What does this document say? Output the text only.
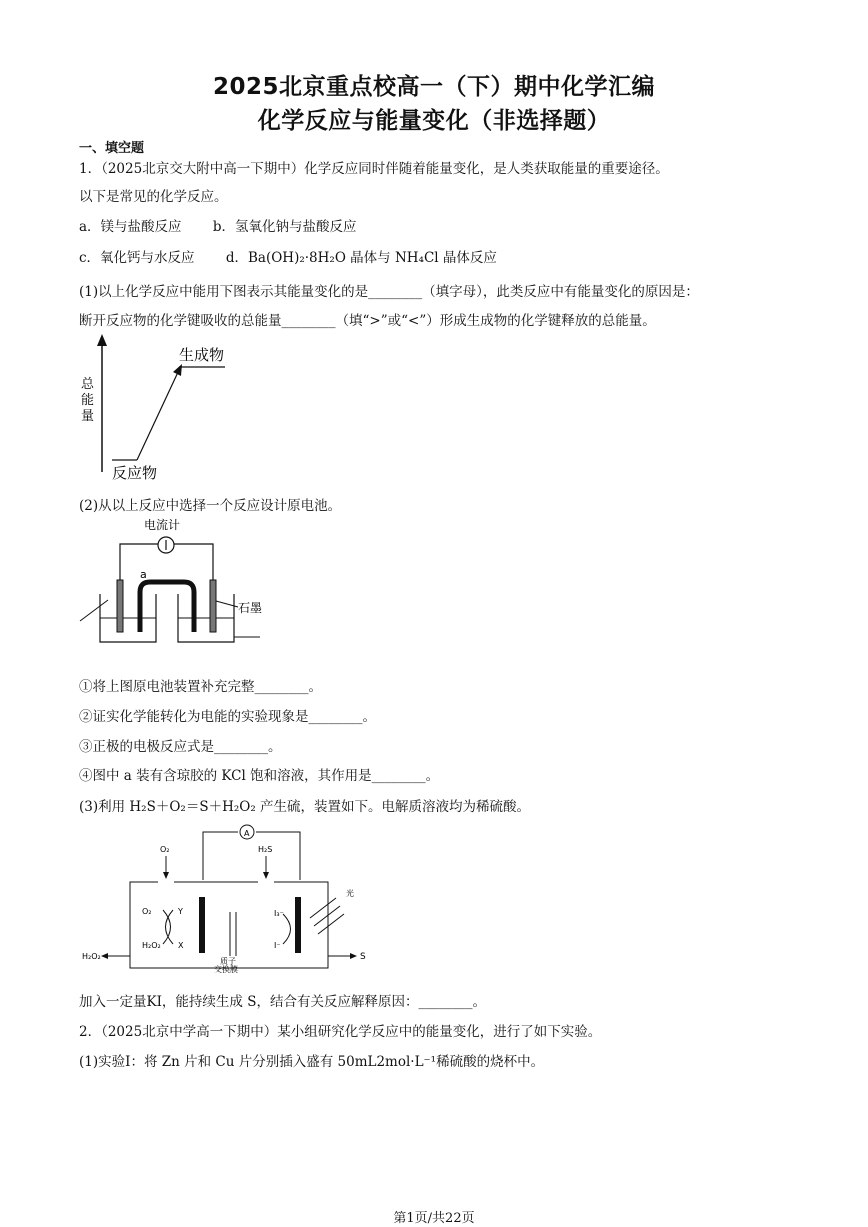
2025北京重点校高一（下）期中化学汇编
化学反应与能量变化（非选择题）
一、填空题
1．（2025北京交大附中高一下期中）化学反应同时伴随着能量变化，是人类获取能量的重要途径。
以下是常见的化学反应。
a．镁与盐酸反应　　 b．氢氧化钠与盐酸反应
c．氧化钙与水反应　　 d．Ba(OH)₂·8H₂O 晶体与 NH₄Cl 晶体反应
(1)以上化学反应中能用下图表示其能量变化的是________（填字母），此类反应中有能量变化的原因是：
断开反应物的化学键吸收的总能量________（填“>”或“<”）形成生成物的化学键释放的总能量。
总
能
量
生成物
反应物
(2)从以上反应中选择一个反应设计原电池。
电流计
a
石墨
①将上图原电池装置补充完整________。
②证实化学能转化为电能的实验现象是________。
③正极的电极反应式是________。
④图中 a 装有含琼胶的 KCl 饱和溶液，其作用是________。
(3)利用 H₂S＋O₂＝S＋H₂O₂ 产生硫，装置如下。电解质溶液均为稀硫酸。
A
O₂	H₂S
O₂	Y
H₂O₂ X
I₃⁻
I⁻
光
质子
交换膜
H₂O₂	S
加入一定量KI，能持续生成 S，结合有关反应解释原因：________。
2．（2025北京中学高一下期中）某小组研究化学反应中的能量变化，进行了如下实验。
(1)实验Ⅰ：将 Zn 片和 Cu 片分别插入盛有 50mL2mol·L⁻¹稀硫酸的烧杯中。
第1页/共22页
